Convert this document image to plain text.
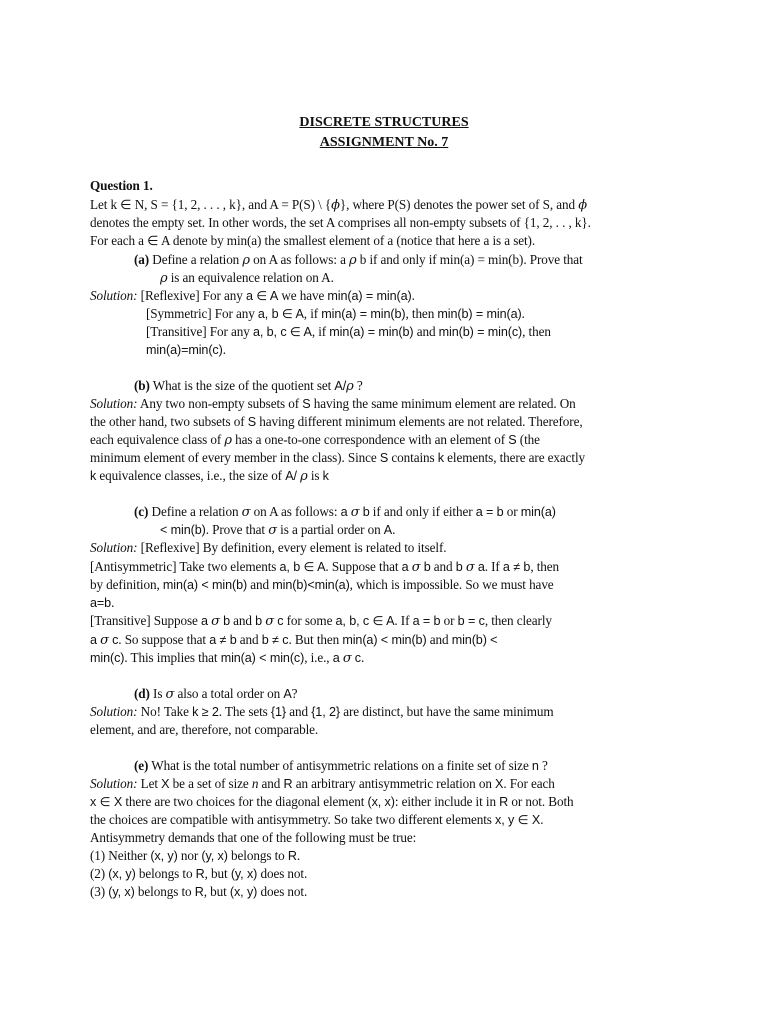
DISCRETE STRUCTURES
ASSIGNMENT No. 7
Question 1.
Let k ∈ N, S = {1, 2, . . . , k}, and A = P(S) \ {ϕ}, where P(S) denotes the power set of S, and ϕ
denotes the empty set. In other words, the set A comprises all non-empty subsets of {1, 2, . . , k}.
For each a ∈ A denote by min(a) the smallest element of a (notice that here a is a set).
(a) Define a relation ρ on A as follows: a ρ b if and only if min(a) = min(b). Prove that
ρ is an equivalence relation on A.
Solution: [Reflexive] For any a ∈ A we have min(a) = min(a).
[Symmetric] For any a, b ∈ A, if min(a) = min(b), then min(b) = min(a).
[Transitive] For any a, b, c ∈ A, if min(a) = min(b) and min(b) = min(c), then
min(a)=min(c).
(b) What is the size of the quotient set A/ρ ?
Solution: Any two non-empty subsets of S having the same minimum element are related. On
the other hand, two subsets of S having different minimum elements are not related. Therefore,
each equivalence class of ρ has a one-to-one correspondence with an element of S (the
minimum element of every member in the class). Since S contains k elements, there are exactly
k equivalence classes, i.e., the size of A/ ρ is k
(c) Define a relation σ on A as follows: a σ b if and only if either a = b or min(a)
< min(b). Prove that σ is a partial order on A.
Solution: [Reflexive] By definition, every element is related to itself.
[Antisymmetric] Take two elements a, b ∈ A. Suppose that a σ b and b σ a. If a ≠ b, then
by definition, min(a) < min(b) and min(b)<min(a), which is impossible. So we must have
a=b.
[Transitive] Suppose a σ b and b σ c for some a, b, c ∈ A. If a = b or b = c, then clearly
a σ c. So suppose that a ≠ b and b ≠ c. But then min(a) < min(b) and min(b) <
min(c). This implies that min(a) < min(c), i.e., a σ c.
(d) Is σ also a total order on A?
Solution: No! Take k ≥ 2. The sets {1} and {1, 2} are distinct, but have the same minimum
element, and are, therefore, not comparable.
(e) What is the total number of antisymmetric relations on a finite set of size n ?
Solution: Let X be a set of size n and R an arbitrary antisymmetric relation on X. For each
x ∈ X there are two choices for the diagonal element (x, x): either include it in R or not. Both
the choices are compatible with antisymmetry. So take two different elements x, y ∈ X.
Antisymmetry demands that one of the following must be true:
(1) Neither (x, y) nor (y, x) belongs to R.
(2) (x, y) belongs to R, but (y, x) does not.
(3) (y, x) belongs to R, but (x, y) does not.
